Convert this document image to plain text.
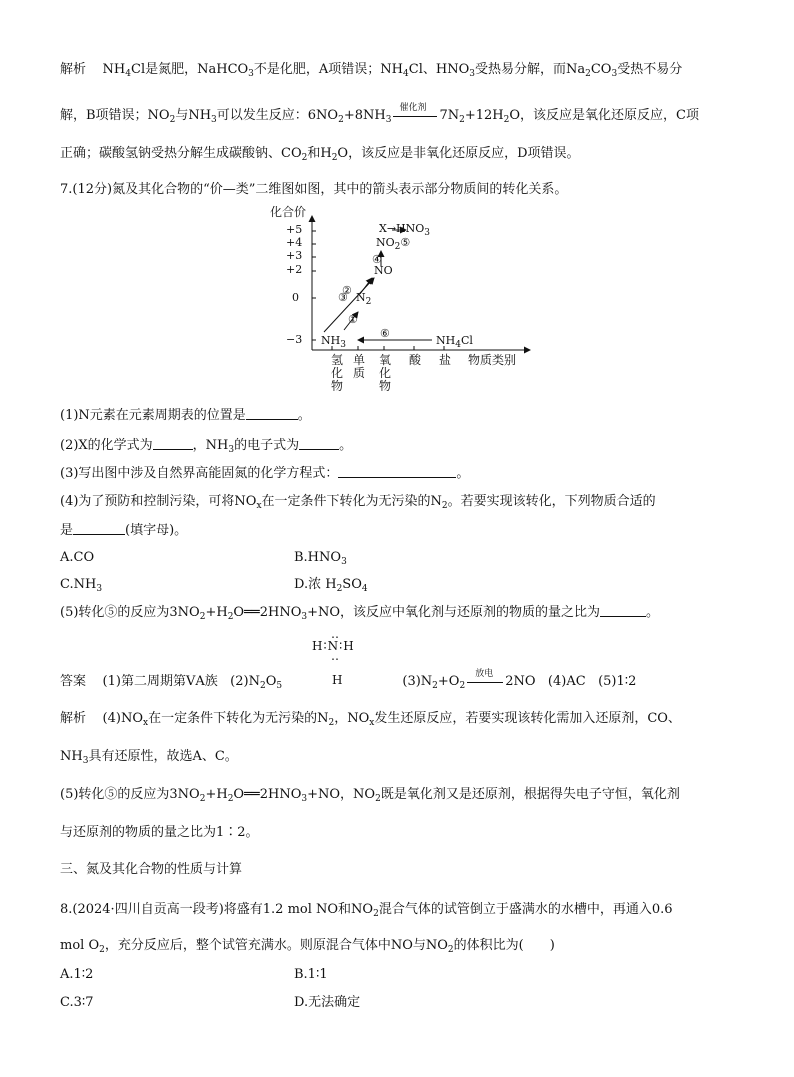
解析 $NH_4Cl$是氮肥，NaHCO$_3$不是化肥，A项错误；$NH_4Cl$、$HNO_3$受热易分解，而$Na_2CO_3$受热不易分
解，B项错误；$NO_2$与$NH_3$可以发生反应：$6NO_2+8NH_3$
催化剂
$7N_2+12H_2O$，该反应是氧化还原反应，C项
正确；碳酸氢钠受热分解生成碳酸钠、$CO_2$和$H_2O$，该反应是非氧化还原反应，D项错误。
7.(12分)氮及其化合物的“价—类”二维图如图，其中的箭头表示部分物质间的转化关系。
化合价
+5
+4
+3
+2
0
−3
$X\to HNO_3$
$NO_2⑤$
④
NO
②
$N_2$
③
①
⑥
$NH_3$	$NH_4Cl$
氢化物
单质
氧化物
酸 盐 物质类别
(1)N元素在元素周期表的位置是	。
(2)X的化学式为	，$NH_3$的电子式为	。
(3)写出图中涉及自然界高能固氮的化学方程式：	。
(4)为了预防和控制污染，可将$NO_x$在一定条件下转化为无污染的$N_2$。若要实现该转化，下列物质合适的
是	(填字母)。
A.CO	$B.HNO_3$
$C.NH_3$	D.浓 $H_2SO_4$
(5)转化⑤的反应为$3NO_2+H_2O══2HNO_3+NO$，该反应中氧化剂与还原剂的物质的量之比为	。
‥
H∶N∶H
‥
H
答案 (1)第二周期第ⅤA族 $(2)N_2O_5$	$(3)N_2+O_2$
放电
2NO (4)AC (5)1∶2
解析 $(4)NO_x$在一定条件下转化为无污染的$N_2$，$NO_x$发生还原反应，若要实现该转化需加入还原剂，CO、
$NH_3$具有还原性，故选A、C。
(5)转化⑤的反应为$3NO_2+H_2O══2HNO_3+NO$，$NO_2$既是氧化剂又是还原剂，根据得失电子守恒，氧化剂
与还原剂的物质的量之比为1∶2。
三、氮及其化合物的性质与计算
8.(2024·四川自贡高一段考)将盛有1.2 mol NO和$NO_2$混合气体的试管倒立于盛满水的水槽中，再通入0.6
mol $O_2$，充分反应后，整个试管充满水。则原混合气体中NO与$NO_2$的体积比为(　　)
A.1∶2	B.1∶1
C.3∶7	D.无法确定
